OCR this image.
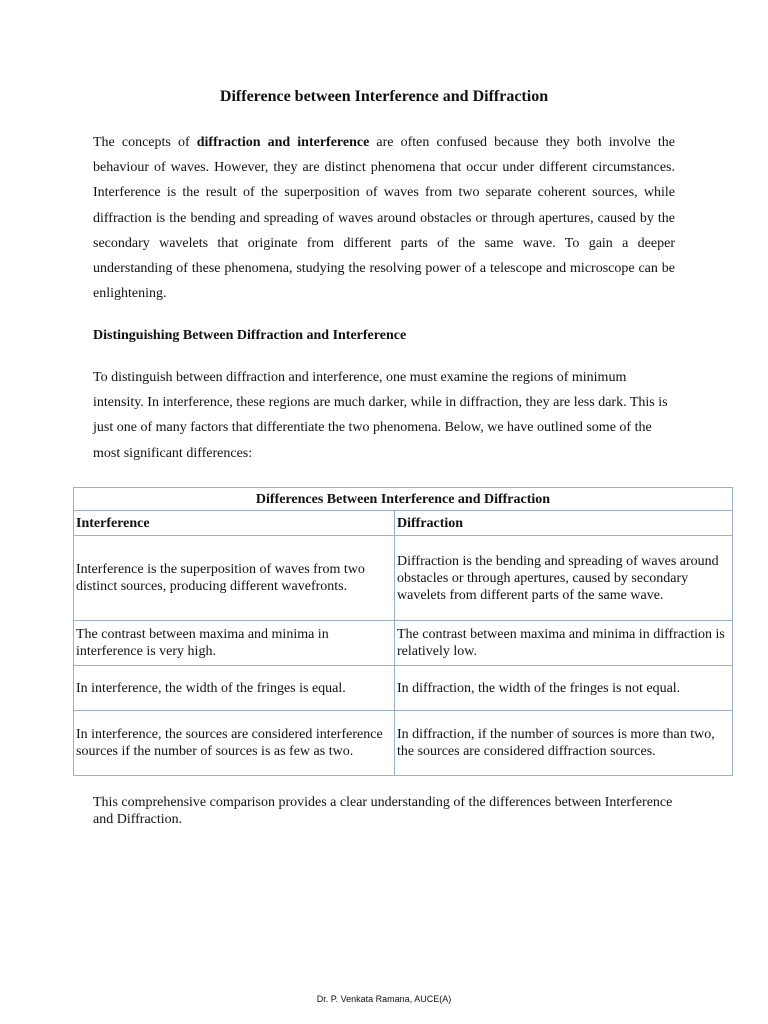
Difference between Interference and Diffraction

The concepts of diffraction and interference are often confused because they both involve the behaviour of waves. However, they are distinct phenomena that occur under different circumstances. Interference is the result of the superposition of waves from two separate coherent sources, while diffraction is the bending and spreading of waves around obstacles or through apertures, caused by the secondary wavelets that originate from different parts of the same wave. To gain a deeper understanding of these phenomena, studying the resolving power of a telescope and microscope can be enlightening.

Distinguishing Between Diffraction and Interference

To distinguish between diffraction and interference, one must examine the regions of minimum intensity. In interference, these regions are much darker, while in diffraction, they are less dark. This is just one of many factors that differentiate the two phenomena. Below, we have outlined some of the most significant differences:

Differences Between Interference and Diffraction	
Interference	Diffraction
Interference is the superposition of waves from two distinct sources, producing different wavefronts.	Diffraction is the bending and spreading of waves around obstacles or through apertures, caused by secondary wavelets from different parts of the same wave.
The contrast between maxima and minima in interference is very high.	The contrast between maxima and minima in diffraction is relatively low.
In interference, the width of the fringes is equal.	In diffraction, the width of the fringes is not equal.
In interference, the sources are considered interference sources if the number of sources is as few as two.	In diffraction, if the number of sources is more than two, the sources are considered diffraction sources.

This comprehensive comparison provides a clear understanding of the differences between Interference and Diffraction.

Dr. P. Venkata Ramana, AUCE(A)
